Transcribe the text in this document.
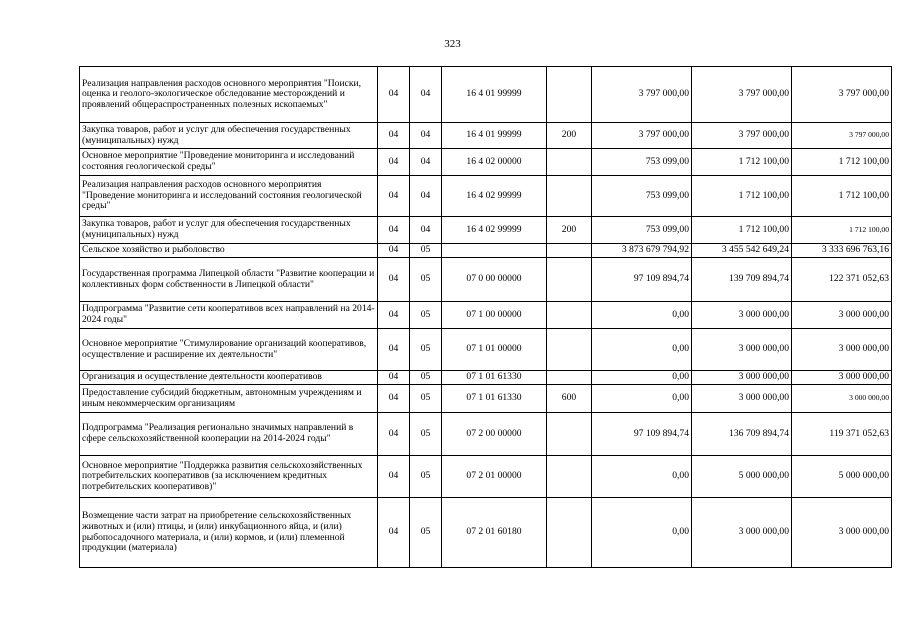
323
Реализация направления расходов основного мероприятия "Поиски, оценка и геолого-экологическое обследование месторождений и проявлений общераспространенных полезных ископаемых"	04	04	16 4 01 99999		3 797 000,00	3 797 000,00	3 797 000,00
Закупка товаров, работ и услуг для обеспечения государственных (муниципальных) нужд	04	04	16 4 01 99999	200	3 797 000,00	3 797 000,00	3 797 000,00
Основное мероприятие "Проведение мониторинга и исследований состояния геологической среды"	04	04	16 4 02 00000		753 099,00	1 712 100,00	1 712 100,00
Реализация направления расходов основного мероприятия "Проведение мониторинга и исследований состояния геологической среды"	04	04	16 4 02 99999		753 099,00	1 712 100,00	1 712 100,00
Закупка товаров, работ и услуг для обеспечения государственных (муниципальных) нужд	04	04	16 4 02 99999	200	753 099,00	1 712 100,00	1 712 100,00
Сельское хозяйство и рыболовство	04	05			3 873 679 794,92	3 455 542 649,24	3 333 696 763,16
Государственная программа Липецкой области "Развитие кооперации и коллективных форм собственности в Липецкой области"	04	05	07 0 00 00000		97 109 894,74	139 709 894,74	122 371 052,63
Подпрограмма "Развитие сети кооперативов всех направлений на 2014-2024 годы"	04	05	07 1 00 00000		0,00	3 000 000,00	3 000 000,00
Основное мероприятие "Стимулирование организаций кооперативов, осуществление и расширение их деятельности"	04	05	07 1 01 00000		0,00	3 000 000,00	3 000 000,00
Организация и осуществление деятельности кооперативов	04	05	07 1 01 61330		0,00	3 000 000,00	3 000 000,00
Предоставление субсидий бюджетным, автономным учреждениям и иным некоммерческим организациям	04	05	07 1 01 61330	600	0,00	3 000 000,00	3 000 000,00
Подпрограмма "Реализация регионально значимых направлений в сфере сельскохозяйственной кооперации на 2014-2024 годы"	04	05	07 2 00 00000		97 109 894,74	136 709 894,74	119 371 052,63
Основное мероприятие "Поддержка развития сельскохозяйственных потребительских кооперативов (за исключением кредитных потребительских кооперативов)"	04	05	07 2 01 00000		0,00	5 000 000,00	5 000 000,00
Возмещение части затрат на приобретение сельскохозяйственных животных и (или) птицы, и (или) инкубационного яйца, и (или) рыбопосадочного материала, и (или) кормов, и (или) племенной продукции (материала)	04	05	07 2 01 60180		0,00	3 000 000,00	3 000 000,00
